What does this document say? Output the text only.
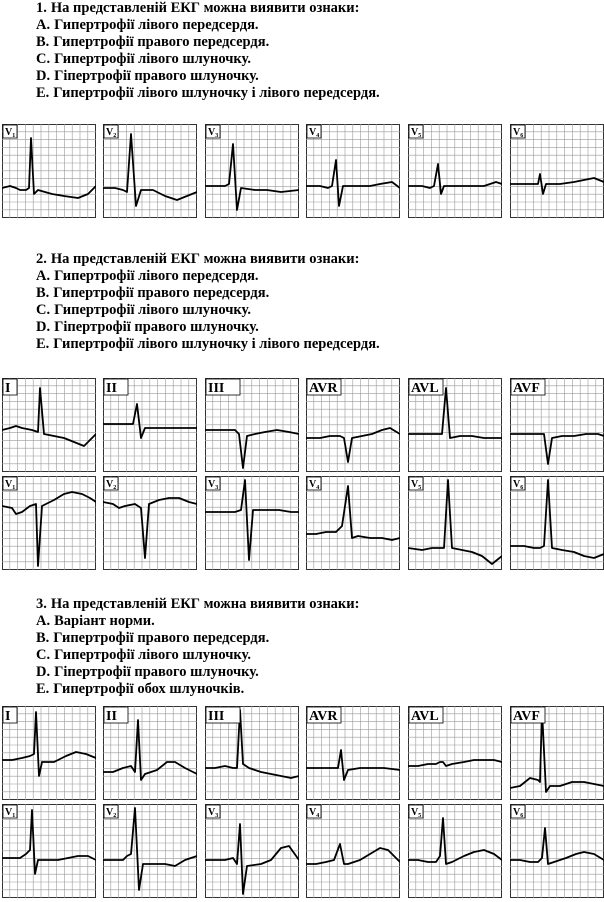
1. На представленій ЕКГ можна виявити ознаки:

A. Гипертрофії лівого передсердя.

B. Гипертрофії правого передсердя.

C. Гипертрофії лівого шлуночку.

D. Гіпертрофії правого шлуночку.

E. Гипертрофії лівого шлуночку і лівого передсердя.

$V_1$	$V_2$	$V_3$	$V_4$	$V_5$	$V_6$

2. На представленій ЕКГ можна виявити ознаки:

A. Гипертрофії лівого передсердя.

B. Гипертрофії правого передсердя.

C. Гипертрофії лівого шлуночку.

D. Гіпертрофії правого шлуночку.

E. Гипертрофії лівого шлуночку і лівого передсердя.

I	II	III	AVR	AVL	AVF
$V_1$	$V_2$	$V_3$	$V_4$	$V_5$	$V_6$

3. На представленій ЕКГ можна виявити ознаки:

A. Варіант норми.

B. Гипертрофії правого передсердя.

C. Гипертрофії лівого шлуночку.

D. Гіпертрофії правого шлуночку.

E. Гипертрофії обох шлуночків.

I	II	III	AVR	AVL	AVF
$V_1$	$V_2$	$V_3$	$V_4$	$V_5$	$V_6$
